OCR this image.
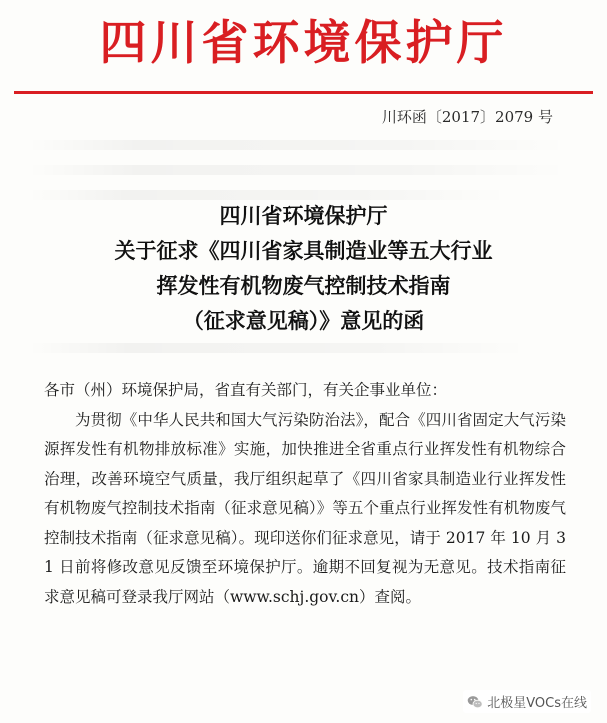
四川省环境保护厅
川环函〔2017〕2079 号
四川省环境保护厅
关于征求《四川省家具制造业等五大行业
挥发性有机物废气控制技术指南
（征求意见稿）》意见的函
各市（州）环境保护局，省直有关部门，有关企事业单位：
为贯彻《中华人民共和国大气污染防治法》，配合《四川省固定大气污染源挥发性有机物排放标准》实施，加快推进全省重点行业挥发性有机物综合治理，改善环境空气质量，我厅组织起草了《四川省家具制造业行业挥发性有机物废气控制技术指南（征求意见稿）》等五个重点行业挥发性有机物废气控制技术指南（征求意见稿）。现印送你们征求意见，请于 2017 年 10 月 31 日前将修改意见反馈至环境保护厅。逾期不回复视为无意见。技术指南征求意见稿可登录我厅网站（www.schj.gov.cn）查阅。
北极星VOCs在线
